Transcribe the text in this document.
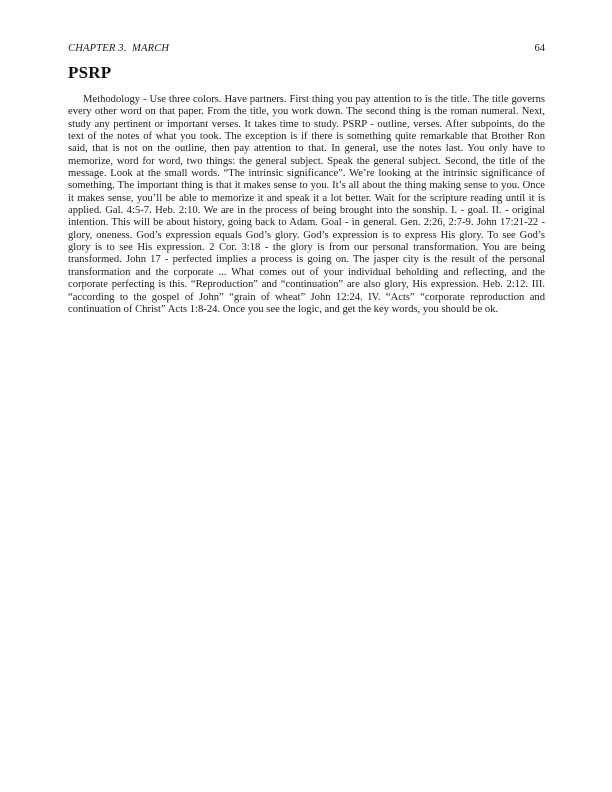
CHAPTER 3. MARCH	64
PSRP

Methodology - Use three colors. Have partners. First thing you pay attention to is the title. The title governs every other word on that paper. From the title, you work down. The second thing is the roman numeral. Next, study any pertinent or important verses. It takes time to study. PSRP - outline, verses. After subpoints, do the text of the notes of what you took. The exception is if there is something quite remarkable that Brother Ron said, that is not on the outline, then pay attention to that. In general, use the notes last. You only have to memorize, word for word, two things: the general subject. Speak the general subject. Second, the title of the message. Look at the small words. “The intrinsic significance”. We’re looking at the intrinsic significance of something. The important thing is that it makes sense to you. It’s all about the thing making sense to you. Once it makes sense, you’ll be able to memorize it and speak it a lot better. Wait for the scripture reading until it is applied. Gal. 4:5-7. Heb. 2:10. We are in the process of being brought into the sonship. I. - goal. II. - original intention. This will be about history, going back to Adam. Goal - in general. Gen. 2:26, 2:7-9. John 17:21-22 - glory, oneness. God’s expression equals God’s glory. God’s expression is to express His glory. To see God’s glory is to see His expression. 2 Cor. 3:18 - the glory is from our personal transformation. You are being transformed. John 17 - perfected implies a process is going on. The jasper city is the result of the personal transformation and the corporate ... What comes out of your individual beholding and reflecting, and the corporate perfecting is this. “Reproduction” and “continuation” are also glory, His expression. Heb. 2:12. III. “according to the gospel of John” “grain of wheat” John 12:24. IV. “Acts” “corporate reproduction and continuation of Christ” Acts 1:8-24. Once you see the logic, and get the key words, you should be ok.
